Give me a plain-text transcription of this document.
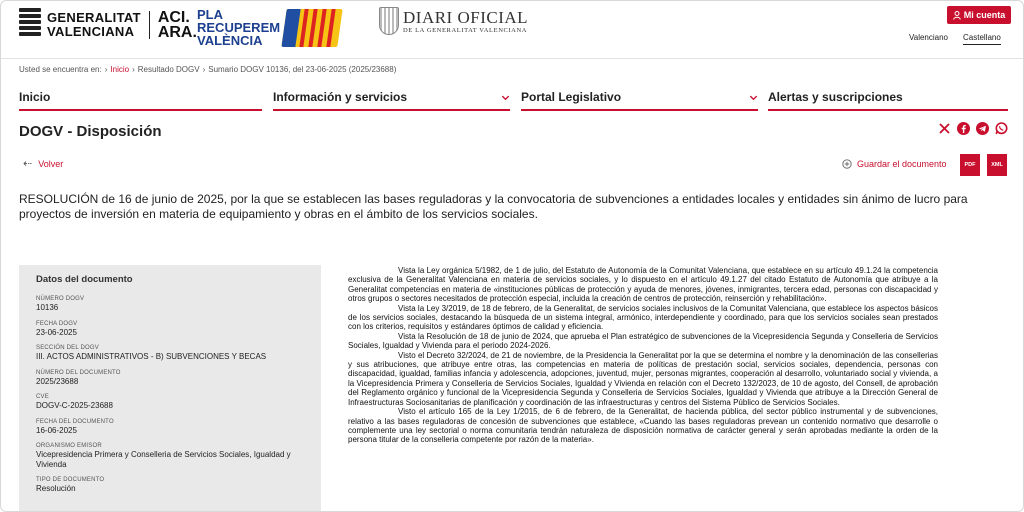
GENERALITAT
VALENCIANA
ACI.
ARA.
PLA
RECUPEREM
VALÈNCIA
DIARI OFICIAL
DE LA GENERALITAT VALENCIANA
Mi cuenta
Valenciano Castellano
Usted se encuentra en: › Inicio › Resultado DOGV › Sumario DOGV 10136, del 23-06-2025 (2025/23688)
Inicio	Información y servicios	Portal Legislativo	Alertas y suscripciones
DOGV - Disposición
⇠ Volver	Guardar el documento	PDF	XML
RESOLUCIÓN de 16 de junio de 2025, por la que se establecen las bases reguladoras y la convocatoria de subvenciones a entidades locales y entidades sin ánimo de lucro para proyectos de inversión en materia de equipamiento y obras en el ámbito de los servicios sociales.
Datos del documento
NÚMERO DOGV
10136
FECHA DOGV
23-06-2025
SECCIÓN DEL DOGV
III. ACTOS ADMINISTRATIVOS - B) SUBVENCIONES Y BECAS
NÚMERO DEL DOCUMENTO
2025/23688
CVE
DOGV-C-2025-23688
FECHA DEL DOCUMENTO
16-06-2025
ORGANISMO EMISOR
Vicepresidencia Primera y Conselleria de Servicios Sociales, Igualdad y Vivienda
TIPO DE DOCUMENTO
Resolución

Vista la Ley orgánica 5/1982, de 1 de julio, del Estatuto de Autonomía de la Comunitat Valenciana, que establece en su artículo 49.1.24 la competencia exclusiva de la Generalitat Valenciana en materia de servicios sociales, y lo dispuesto en el artículo 49.1.27 del citado Estatuto de Autonomía que atribuye a la Generalitat competencias en materia de «instituciones públicas de protección y ayuda de menores, jóvenes, inmigrantes, tercera edad, personas con discapacidad y otros grupos o sectores necesitados de protección especial, incluida la creación de centros de protección, reinserción y rehabilitación».

Vista la Ley 3/2019, de 18 de febrero, de la Generalitat, de servicios sociales inclusivos de la Comunitat Valenciana, que establece los aspectos básicos de los servicios sociales, destacando la búsqueda de un sistema integral, armónico, interdependiente y coordinado, para que los servicios sociales sean prestados con los criterios, requisitos y estándares óptimos de calidad y eficiencia.

Vista la Resolución de 18 de junio de 2024, que aprueba el Plan estratégico de subvenciones de la Vicepresidencia Segunda y Conselleria de Servicios Sociales, Igualdad y Vivienda para el periodo 2024-2026.

Visto el Decreto 32/2024, de 21 de noviembre, de la Presidencia la Generalitat por la que se determina el nombre y la denominación de las consellerias y sus atribuciones, que atribuye entre otras, las competencias en materia de políticas de prestación social, servicios sociales, dependencia, personas con discapacidad, igualdad, familias infancia y adolescencia, adopciones, juventud, mujer, personas migrantes, cooperación al desarrollo, voluntariado social y vivienda, a la Vicepresidencia Primera y Conselleria de Servicios Sociales, Igualdad y Vivienda en relación con el Decreto 132/2023, de 10 de agosto, del Consell, de aprobación del Reglamento orgánico y funcional de la Vicepresidencia Segunda y Conselleria de Servicios Sociales, Igualdad y Vivienda que atribuye a la Dirección General de Infraestructuras Sociosanitarias de planificación y coordinación de las infraestructuras y centros del Sistema Público de Servicios Sociales.

Visto el artículo 165 de la Ley 1/2015, de 6 de febrero, de la Generalitat, de hacienda pública, del sector público instrumental y de subvenciones, relativo a las bases reguladoras de concesión de subvenciones que establece, «Cuando las bases reguladoras prevean un contenido normativo que desarrolle o complemente una ley sectorial o norma comunitaria tendrán naturaleza de disposición normativa de carácter general y serán aprobadas mediante la orden de la persona titular de la conselleria competente por razón de la materia».
